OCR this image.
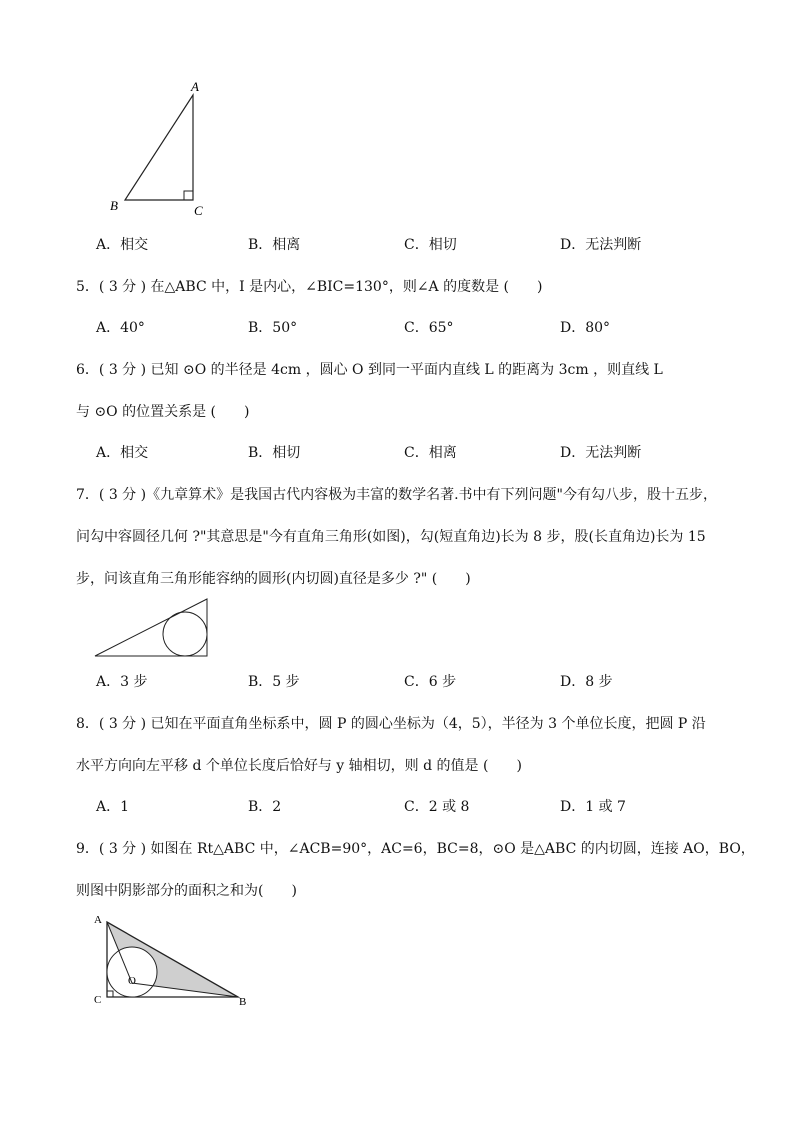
A
B	C
A．相交	B．相离	C．相切	D．无法判断
5．( 3 分 ) 在△ABC 中，I 是内心，∠BIC=130°，则∠A 的度数是 (　　)
A．40°	B．50°	C．65°	D．80°
6．( 3 分 ) 已知 ⊙O 的半径是 4cm ，圆心 O 到同一平面内直线 L 的距离为 3cm ，则直线 L
与 ⊙O 的位置关系是 (　　)
A．相交	B．相切	C．相离	D．无法判断
7．( 3 分 )《九章算术》是我国古代内容极为丰富的数学名著.书中有下列问题"今有勾八步，股十五步，
问勾中容圆径几何 ?"其意思是"今有直角三角形(如图)，勾(短直角边)长为 8 步，股(长直角边)长为 15
步，问该直角三角形能容纳的圆形(内切圆)直径是多少 ?" (　　)
A．3 步	B．5 步	C．6 步	D．8 步
8．( 3 分 ) 已知在平面直角坐标系中，圆 P 的圆心坐标为（4，5），半径为 3 个单位长度，把圆 P 沿
水平方向向左平移 d 个单位长度后恰好与 y 轴相切，则 d 的值是 (　　)
A．1	B．2	C．2 或 8	D．1 或 7
9．( 3 分 ) 如图在 Rt△ABC 中，∠ACB=90°，AC=6，BC=8，⊙O 是△ABC 的内切圆，连接 AO，BO，
则图中阴影部分的面积之和为(　　)
A
C	B
O
